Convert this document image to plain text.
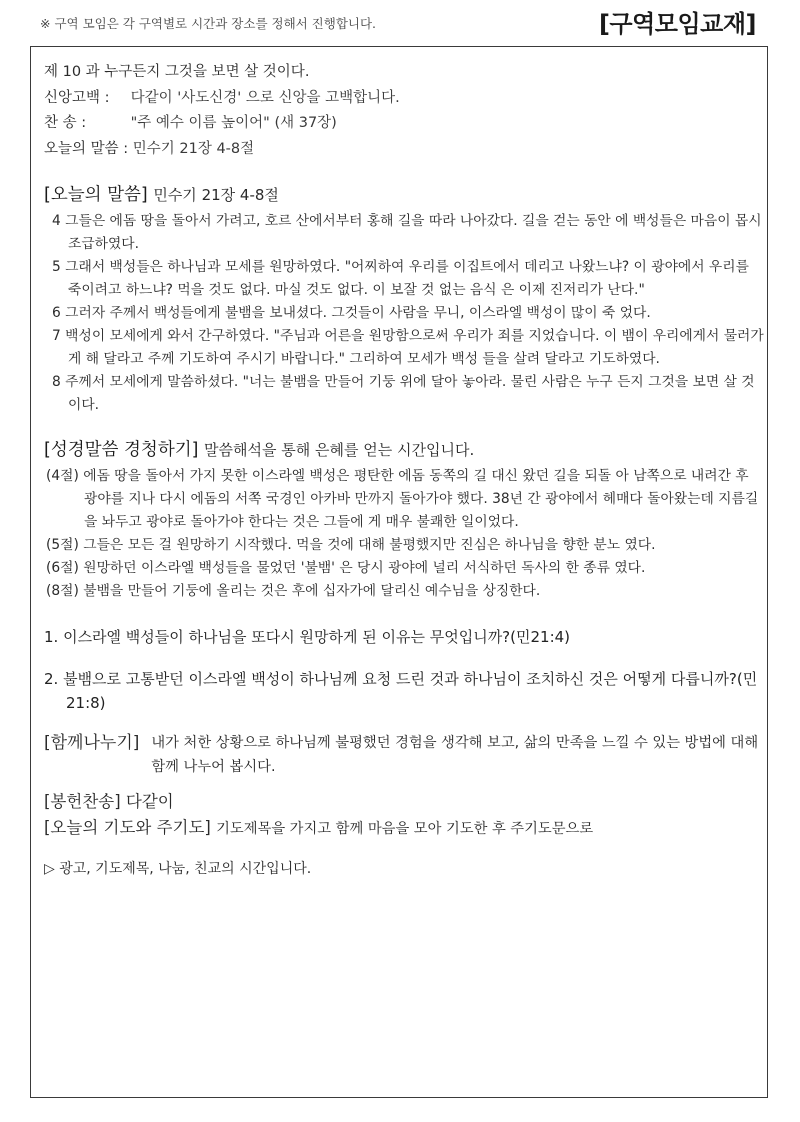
※ 구역 모임은 각 구역별로 시간과 장소를 정해서 진행합니다.	[구역모임교재]
제 10 과 누구든지 그것을 보면 살 것이다.
신앙고백 : 다같이 '사도신경' 으로 신앙을 고백합니다.
찬 송 :	"주 예수 이름 높이어" (새 37장)
오늘의 말씀 : 민수기 21장 4-8절
[오늘의 말씀] 민수기 21장 4-8절

4 그들은 에돔 땅을 돌아서 가려고, 호르 산에서부터 홍해 길을 따라 나아갔다. 길을 걷는 동안 에 백성들은 마음이 몹시 조급하였다.

5 그래서 백성들은 하나님과 모세를 원망하였다. "어찌하여 우리를 이집트에서 데리고 나왔느냐? 이 광야에서 우리를 죽이려고 하느냐? 먹을 것도 없다. 마실 것도 없다. 이 보잘 것 없는 음식 은 이제 진저리가 난다."

6 그러자 주께서 백성들에게 불뱀을 보내셨다. 그것들이 사람을 무니, 이스라엘 백성이 많이 죽 었다.

7 백성이 모세에게 와서 간구하였다. "주님과 어른을 원망함으로써 우리가 죄를 지었습니다. 이 뱀이 우리에게서 물러가게 해 달라고 주께 기도하여 주시기 바랍니다." 그리하여 모세가 백성 들을 살려 달라고 기도하였다.

8 주께서 모세에게 말씀하셨다. "너는 불뱀을 만들어 기둥 위에 달아 놓아라. 물린 사람은 누구 든지 그것을 보면 살 것이다.

[성경말씀 경청하기] 말씀해석을 통해 은혜를 얻는 시간입니다.

(4절) 에돔 땅을 돌아서 가지 못한 이스라엘 백성은 평탄한 에돔 동쪽의 길 대신 왔던 길을 되돌 아 남쪽으로 내려간 후 광야를 지나 다시 에돔의 서쪽 국경인 아카바 만까지 돌아가야 했다. 38년 간 광야에서 헤매다 돌아왔는데 지름길을 놔두고 광야로 돌아가야 한다는 것은 그들에 게 매우 불쾌한 일이었다.

(5절) 그들은 모든 걸 원망하기 시작했다. 먹을 것에 대해 불평했지만 진심은 하나님을 향한 분노 였다.

(6절) 원망하던 이스라엘 백성들을 물었던 '불뱀' 은 당시 광야에 널리 서식하던 독사의 한 종류 였다.

(8절) 불뱀을 만들어 기둥에 올리는 것은 후에 십자가에 달리신 예수님을 상징한다.

1. 이스라엘 백성들이 하나님을 또다시 원망하게 된 이유는 무엇입니까?(민21:4)

2. 불뱀으로 고통받던 이스라엘 백성이 하나님께 요청 드린 것과 하나님이 조치하신 것은 어떻게 다릅니까?(민21:8)

[함께나누기] 내가 처한 상황으로 하나님께 불평했던 경험을 생각해 보고, 삶의 만족을 느낄 수 있는 방법에 대해 함께 나누어 봅시다.
[봉헌찬송] 다같이
[오늘의 기도와 주기도] 기도제목을 가지고 함께 마음을 모아 기도한 후 주기도문으로
▷ 광고, 기도제목, 나눔, 친교의 시간입니다.
